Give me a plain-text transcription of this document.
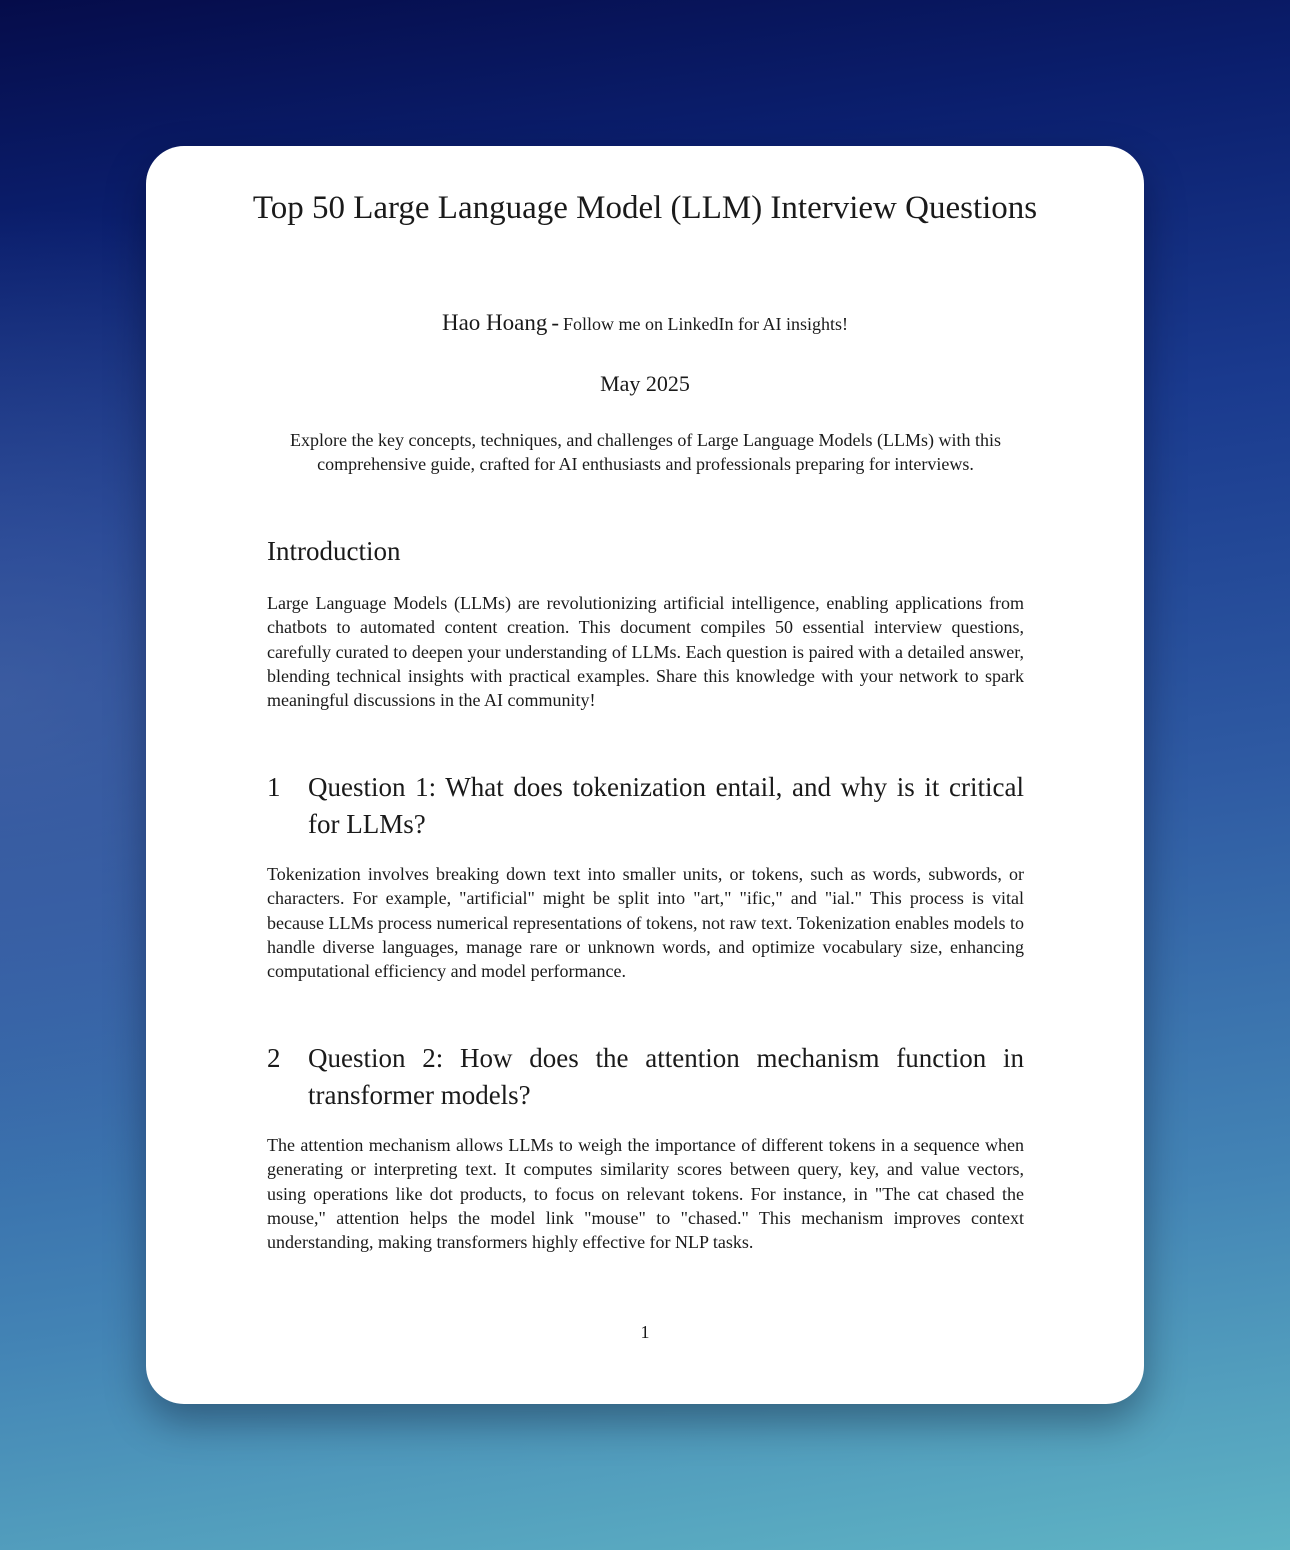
Top 50 Large Language Model (LLM) Interview Questions
Hao Hoang - Follow me on LinkedIn for AI insights!
May 2025
Explore the key concepts, techniques, and challenges of Large Language Models (LLMs) with this comprehensive guide, crafted for AI enthusiasts and professionals preparing for interviews.
Introduction
Large Language Models (LLMs) are revolutionizing artificial intelligence, enabling applications from chatbots to automated content creation. This document compiles 50 essential interview questions, carefully curated to deepen your understanding of LLMs. Each question is paired with a detailed answer, blending technical insights with practical examples. Share this knowledge with your network to spark meaningful discussions in the AI community!
1	Question 1: What does tokenization entail, and why is it critical for LLMs?
Tokenization involves breaking down text into smaller units, or tokens, such as words, subwords, or characters. For example, "artificial" might be split into "art," "ific," and "ial." This process is vital because LLMs process numerical representations of tokens, not raw text. Tokenization enables models to handle diverse languages, manage rare or unknown words, and optimize vocabulary size, enhancing computational efficiency and model performance.
2	Question 2: How does the attention mechanism function in transformer models?
The attention mechanism allows LLMs to weigh the importance of different tokens in a sequence when generating or interpreting text. It computes similarity scores between query, key, and value vectors, using operations like dot products, to focus on relevant tokens. For instance, in "The cat chased the mouse," attention helps the model link "mouse" to "chased." This mechanism improves context understanding, making transformers highly effective for NLP tasks.
1
